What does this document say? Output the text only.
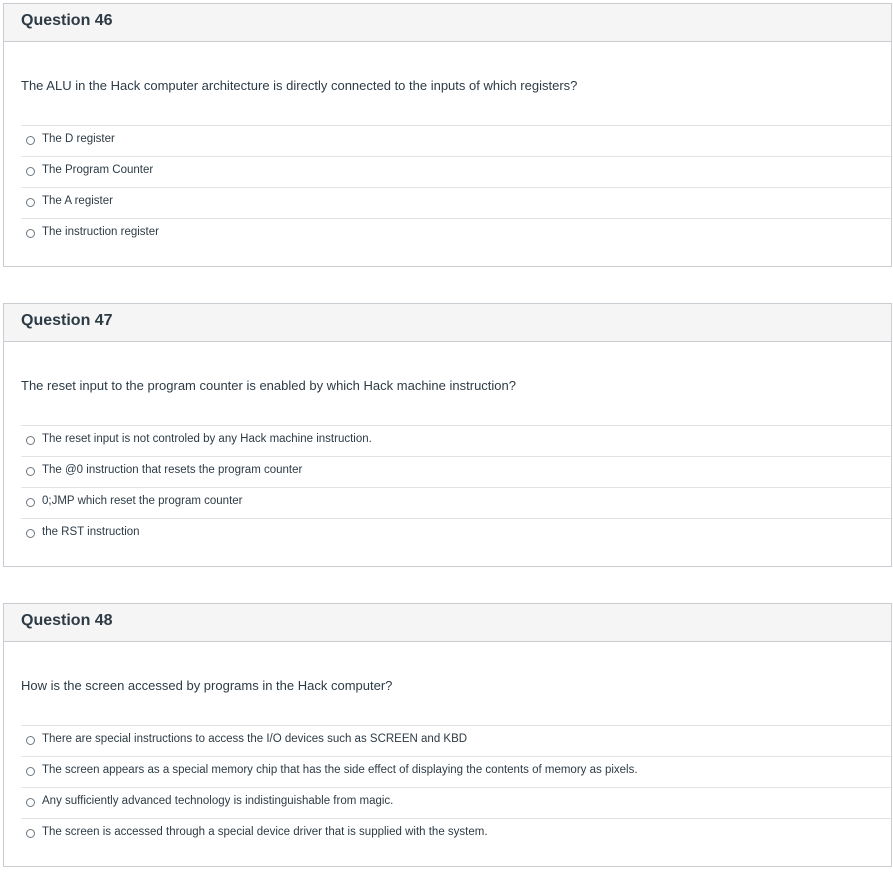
Question 46

The ALU in the Hack computer architecture is directly connected to the inputs of which registers?

The D register
The Program Counter
The A register
The instruction register
Question 47

The reset input to the program counter is enabled by which Hack machine instruction?

The reset input is not controled by any Hack machine instruction.
The @0 instruction that resets the program counter
0;JMP which reset the program counter
the RST instruction
Question 48

How is the screen accessed by programs in the Hack computer?

There are special instructions to access the I/O devices such as SCREEN and KBD
The screen appears as a special memory chip that has the side effect of displaying the contents of memory as pixels.
Any sufficiently advanced technology is indistinguishable from magic.
The screen is accessed through a special device driver that is supplied with the system.
